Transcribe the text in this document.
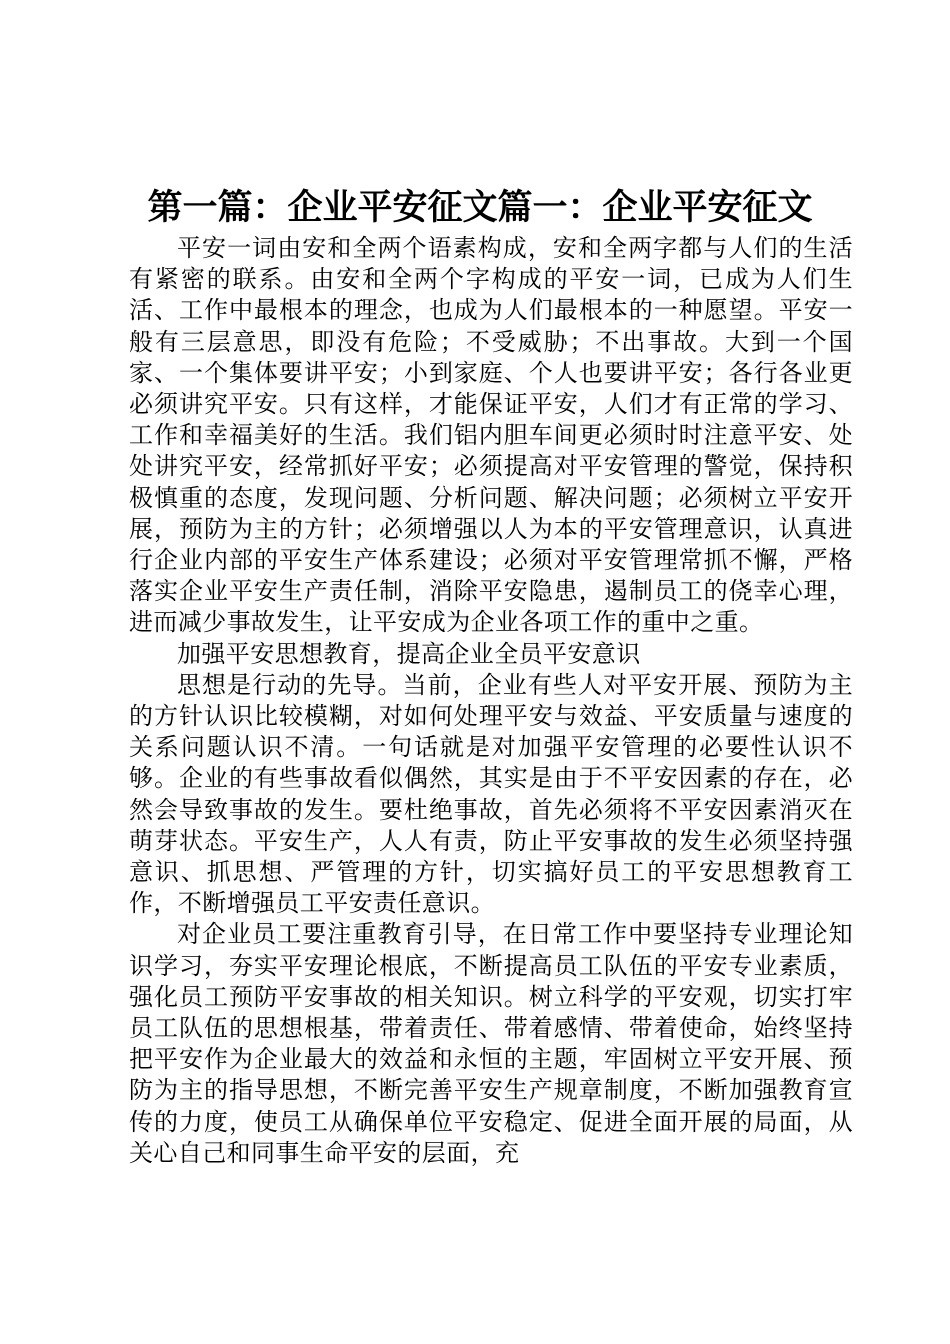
第一篇：企业平安征文篇一：企业平安征文

平安一词由安和全两个语素构成，安和全两字都与人们的生活有紧密的联系。由安和全两个字构成的平安一词，已成为人们生活、工作中最根本的理念，也成为人们最根本的一种愿望。平安一般有三层意思，即没有危险；不受威胁；不出事故。大到一个国家、一个集体要讲平安；小到家庭、个人也要讲平安；各行各业更必须讲究平安。只有这样，才能保证平安，人们才有正常的学习、工作和幸福美好的生活。我们铝内胆车间更必须时时注意平安、处处讲究平安，经常抓好平安；必须提高对平安管理的警觉，保持积极慎重的态度，发现问题、分析问题、解决问题；必须树立平安开展，预防为主的方针；必须增强以人为本的平安管理意识，认真进行企业内部的平安生产体系建设；必须对平安管理常抓不懈，严格落实企业平安生产责任制，消除平安隐患，遏制员工的侥幸心理，进而减少事故发生，让平安成为企业各项工作的重中之重。

加强平安思想教育，提高企业全员平安意识

思想是行动的先导。当前，企业有些人对平安开展、预防为主的方针认识比较模糊，对如何处理平安与效益、平安质量与速度的关系问题认识不清。一句话就是对加强平安管理的必要性认识不够。企业的有些事故看似偶然，其实是由于不平安因素的存在，必然会导致事故的发生。要杜绝事故，首先必须将不平安因素消灭在萌芽状态。平安生产，人人有责，防止平安事故的发生必须坚持强意识、抓思想、严管理的方针，切实搞好员工的平安思想教育工作，不断增强员工平安责任意识。

对企业员工要注重教育引导，在日常工作中要坚持专业理论知识学习，夯实平安理论根底，不断提高员工队伍的平安专业素质，强化员工预防平安事故的相关知识。树立科学的平安观，切实打牢员工队伍的思想根基，带着责任、带着感情、带着使命，始终坚持把平安作为企业最大的效益和永恒的主题，牢固树立平安开展、预防为主的指导思想，不断完善平安生产规章制度，不断加强教育宣传的力度，使员工从确保单位平安稳定、促进全面开展的局面，从关心自己和同事生命平安的层面，充
